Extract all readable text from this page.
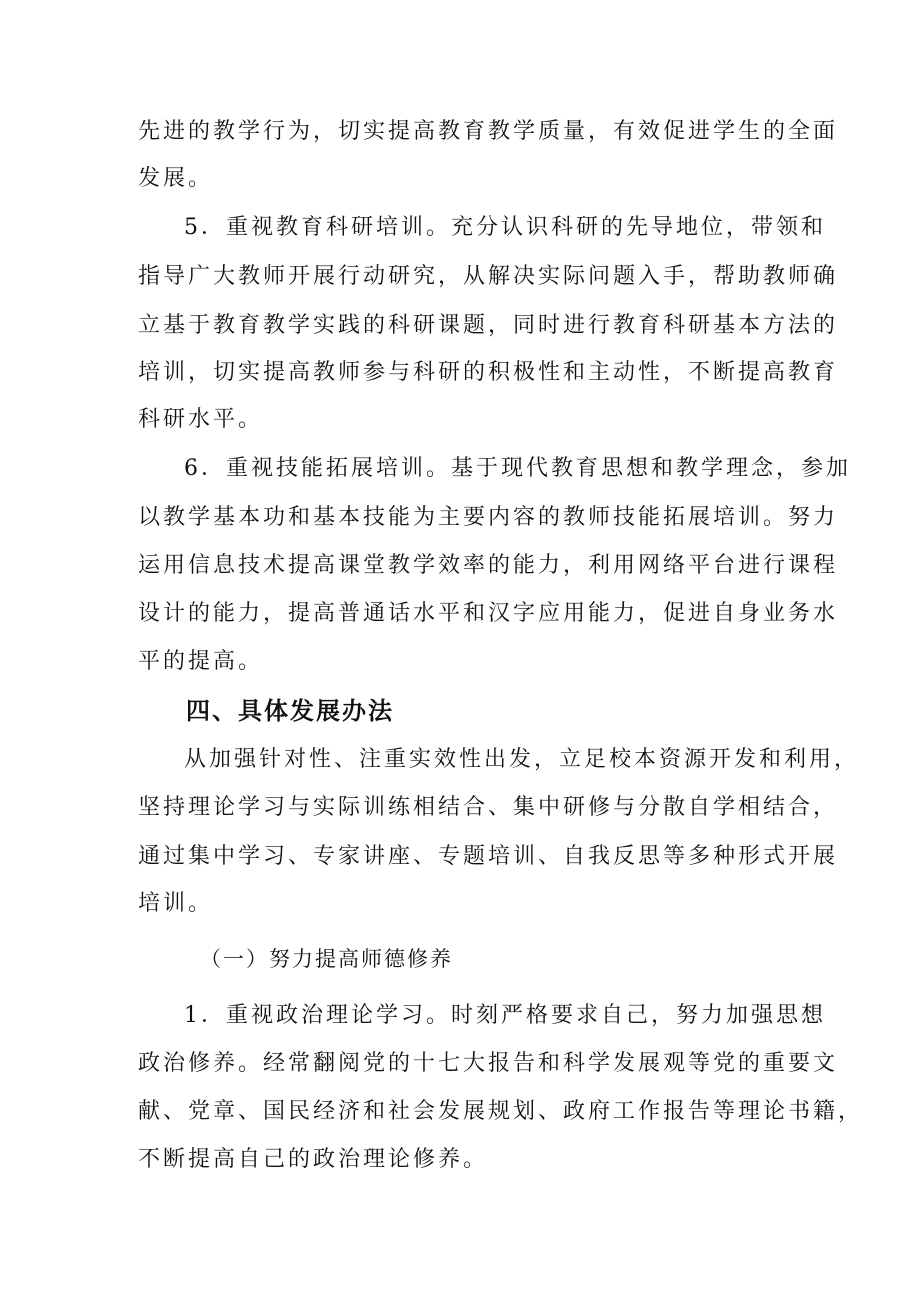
先进的教学行为，切实提高教育教学质量，有效促进学生的全面
发展。
5．重视教育科研培训。充分认识科研的先导地位，带领和
指导广大教师开展行动研究，从解决实际问题入手，帮助教师确
立基于教育教学实践的科研课题，同时进行教育科研基本方法的
培训，切实提高教师参与科研的积极性和主动性，不断提高教育
科研水平。
6．重视技能拓展培训。基于现代教育思想和教学理念，参加
以教学基本功和基本技能为主要内容的教师技能拓展培训。努力
运用信息技术提高课堂教学效率的能力，利用网络平台进行课程
设计的能力，提高普通话水平和汉字应用能力，促进自身业务水
平的提高。
四、具体发展办法
从加强针对性、注重实效性出发，立足校本资源开发和利用，
坚持理论学习与实际训练相结合、集中研修与分散自学相结合，
通过集中学习、专家讲座、专题培训、自我反思等多种形式开展
培训。
（一）努力提高师德修养
1．重视政治理论学习。时刻严格要求自己，努力加强思想
政治修养。经常翻阅党的十七大报告和科学发展观等党的重要文
献、党章、国民经济和社会发展规划、政府工作报告等理论书籍，
不断提高自己的政治理论修养。
